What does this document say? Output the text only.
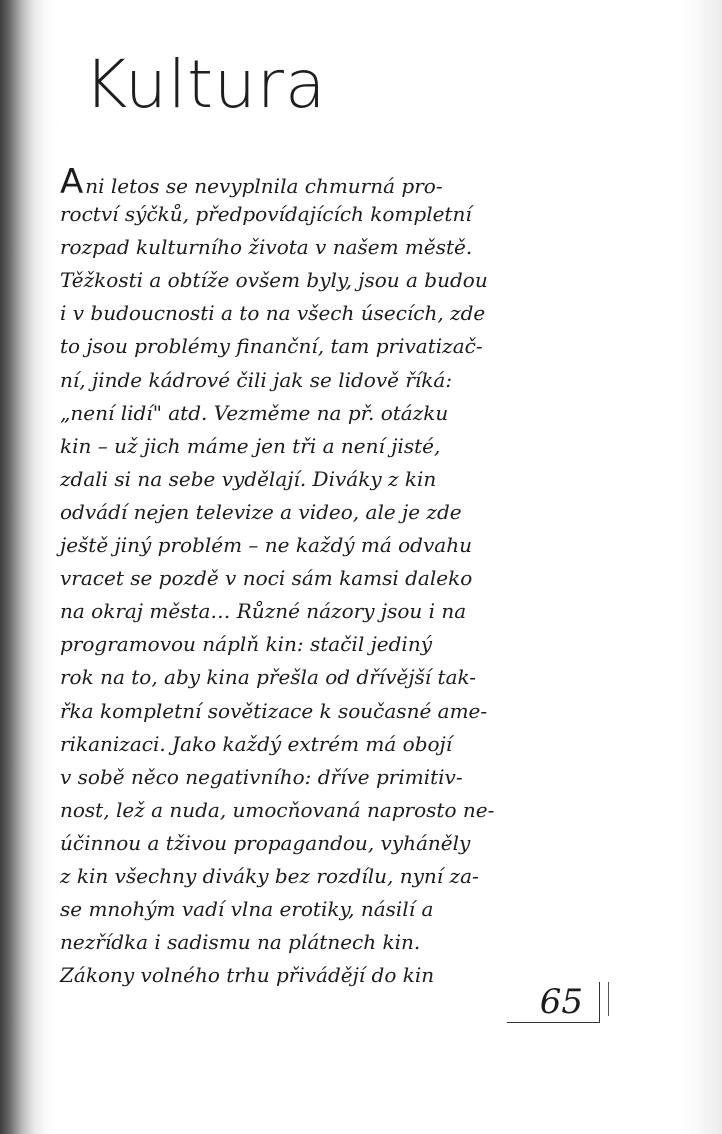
Kultura
Ani letos se nevyplnila chmurná pro-
roctví sýčků, předpovídajících kompletní
rozpad kulturního života v našem městě.
Těžkosti a obtíže ovšem byly, jsou a budou
i v budoucnosti a to na všech úsecích, zde
to jsou problémy finanční, tam privatizač-
ní, jinde kádrové čili jak se lidově říká:
„není lidí" atd. Vezměme na př. otázku
kin – už jich máme jen tři a není jisté,
zdali si na sebe vydělají. Diváky z kin
odvádí nejen televize a video, ale je zde
ještě jiný problém – ne každý má odvahu
vracet se pozdě v noci sám kamsi daleko
na okraj města… Různé názory jsou i na
programovou náplň kin: stačil jediný
rok na to, aby kina přešla od dřívější tak-
řka kompletní sovětizace k současné ame-
rikanizaci. Jako každý extrém má obojí
v sobě něco negativního: dříve primitiv-
nost, lež a nuda, umocňovaná naprosto ne-
účinnou a tživou propagandou, vyháněly
z kin všechny diváky bez rozdílu, nyní za-
se mnohým vadí vlna erotiky, násilí a
nezřídka i sadismu na plátnech kin.
Zákony volného trhu přivádějí do kin
65
